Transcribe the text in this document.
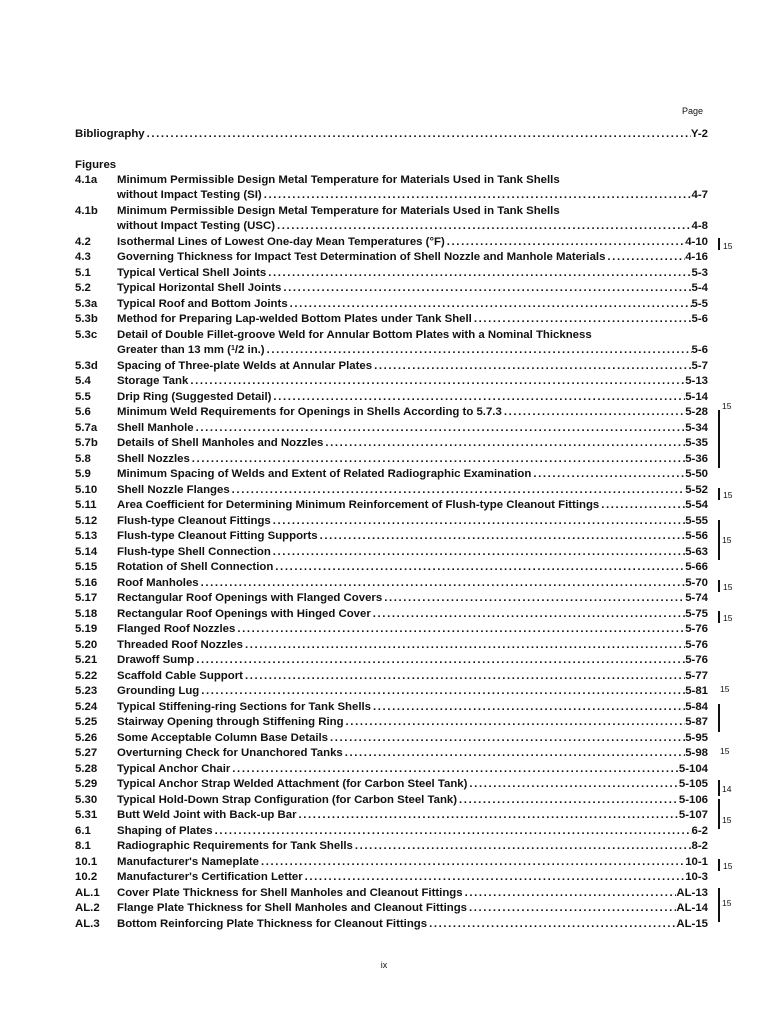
Page
Bibliography .....	Y-2
Figures
4.1a Minimum Permissible Design Metal Temperature for Materials Used in Tank Shells
without Impact Testing (SI) .....	4-7
4.1b Minimum Permissible Design Metal Temperature for Materials Used in Tank Shells
without Impact Testing (USC) .....	4-8
4.2 Isothermal Lines of Lowest One-day Mean Temperatures (°F) .....	4-10
4.3 Governing Thickness for Impact Test Determination of Shell Nozzle and Manhole Materials .....	4-16
5.1 Typical Vertical Shell Joints .....	5-3
5.2 Typical Horizontal Shell Joints .....	5-4
5.3a Typical Roof and Bottom Joints .....	5-5
5.3b Method for Preparing Lap-welded Bottom Plates under Tank Shell .....	5-6
5.3c Detail of Double Fillet-groove Weld for Annular Bottom Plates with a Nominal Thickness
Greater than 13 mm ($^1$/2 in.) .....	5-6
5.3d Spacing of Three-plate Welds at Annular Plates .....	5-7
5.4 Storage Tank .....	5-13
5.5 Drip Ring (Suggested Detail) .....	5-14
5.6 Minimum Weld Requirements for Openings in Shells According to 5.7.3 .....	5-28
5.7a Shell Manhole .....	5-34
5.7b Details of Shell Manholes and Nozzles .....	5-35
5.8 Shell Nozzles .....	5-36
5.9 Minimum Spacing of Welds and Extent of Related Radiographic Examination .....	5-50
5.10 Shell Nozzle Flanges .....	5-52
5.11 Area Coefficient for Determining Minimum Reinforcement of Flush-type Cleanout Fittings .....	5-54
5.12 Flush-type Cleanout Fittings .....	5-55
5.13 Flush-type Cleanout Fitting Supports .....	5-56
5.14 Flush-type Shell Connection .....	5-63
5.15 Rotation of Shell Connection .....	5-66
5.16 Roof Manholes .....	5-70
5.17 Rectangular Roof Openings with Flanged Covers .....	5-74
5.18 Rectangular Roof Openings with Hinged Cover .....	5-75
5.19 Flanged Roof Nozzles .....	5-76
5.20 Threaded Roof Nozzles .....	5-76
5.21 Drawoff Sump .....	5-76
5.22 Scaffold Cable Support .....	5-77
5.23 Grounding Lug .....	5-81
5.24 Typical Stiffening-ring Sections for Tank Shells .....	5-84
5.25 Stairway Opening through Stiffening Ring .....	5-87
5.26 Some Acceptable Column Base Details .....	5-95
5.27 Overturning Check for Unanchored Tanks .....	5-98
5.28 Typical Anchor Chair .....	5-104
5.29 Typical Anchor Strap Welded Attachment (for Carbon Steel Tank) .....	5-105
5.30 Typical Hold-Down Strap Configuration (for Carbon Steel Tank) .....	5-106
5.31 Butt Weld Joint with Back-up Bar .....	5-107
6.1 Shaping of Plates .....	6-2
8.1 Radiographic Requirements for Tank Shells .....	8-2
10.1 Manufacturer's Nameplate .....	10-1
10.2 Manufacturer's Certification Letter .....	10-3
AL.1 Cover Plate Thickness for Shell Manholes and Cleanout Fittings .....	AL-13
AL.2 Flange Plate Thickness for Shell Manholes and Cleanout Fittings .....	AL-14
AL.3 Bottom Reinforcing Plate Thickness for Cleanout Fittings .....	AL-15
15
15
15
15
15
15
15
15
14
15
15
15
ix
